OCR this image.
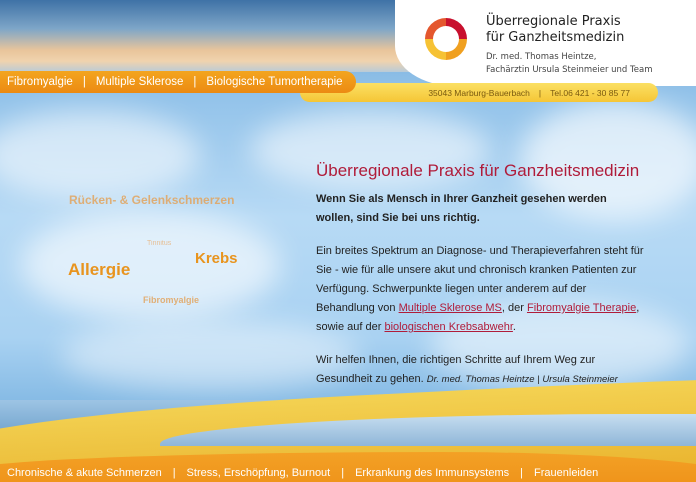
Überregionale Praxis
für Ganzheitsmedizin
Dr. med. Thomas Heintze,
Fachärztin Ursula Steinmeier und Team
35043 Marburg-Bauerbach | Tel.06 421 - 30 85 77
Fibromyalgie | Multiple Sklerose | Biologische Tumortherapie
Rücken- & Gelenkschmerzen
Tinnitus
Allergie
Krebs
Fibromyalgie
Überregionale Praxis für Ganzheitsmedizin

Wenn Sie als Mensch in Ihrer Ganzheit gesehen werden wollen, sind Sie bei uns richtig.

Ein breites Spektrum an Diagnose- und Therapieverfahren steht für Sie - wie für alle unsere akut und chronisch kranken Patienten zur Verfügung. Schwerpunkte liegen unter anderem auf der Behandlung von Multiple Sklerose MS, der Fibromyalgie Therapie, sowie auf der biologischen Krebsabwehr.

Wir helfen Ihnen, die richtigen Schritte auf Ihrem Weg zur Gesundheit zu gehen. Dr. med. Thomas Heintze | Ursula Steinmeier

Chronische & akute Schmerzen | Stress, Erschöpfung, Burnout | Erkrankung des Immunsystems | Frauenleiden
